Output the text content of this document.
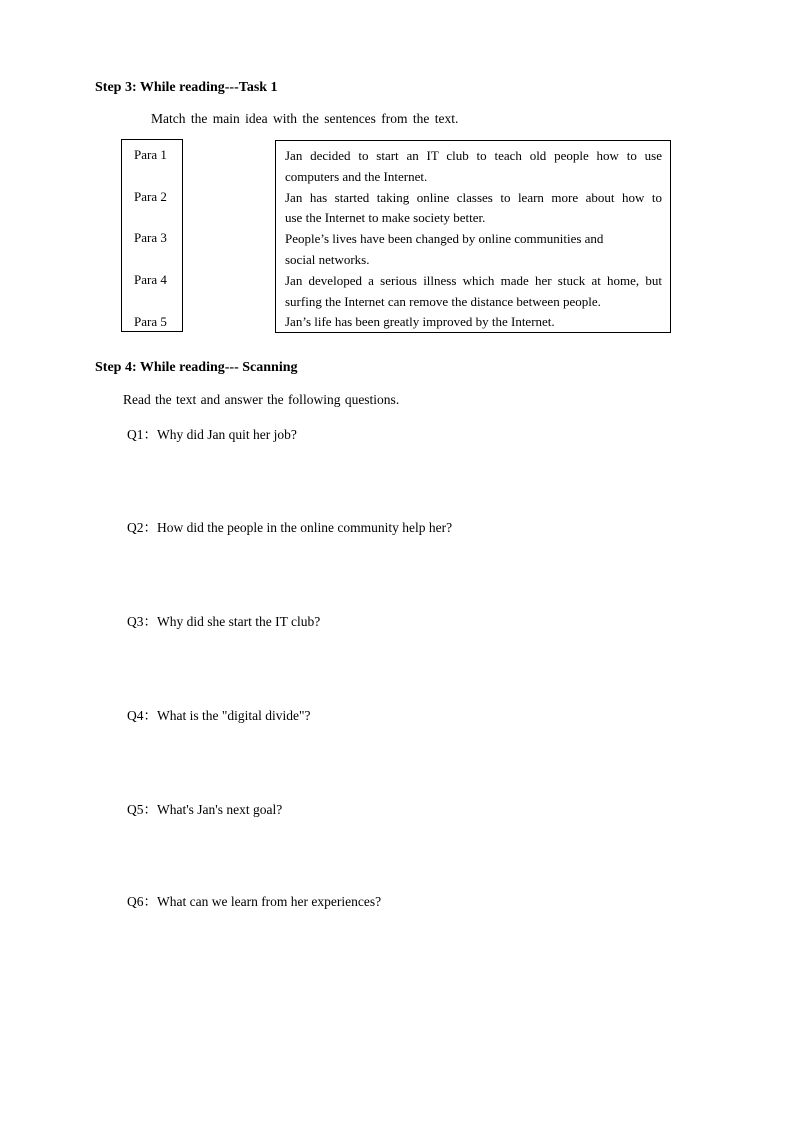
Step 3: While reading---Task 1
Match the main idea with the sentences from the text.
Para 1
Para 2
Para 3
Para 4
Para 5
Jan decided to start an IT club to teach old people how to use
computers and the Internet.
Jan has started taking online classes to learn more about how to
use the Internet to make society better.
People’s lives have been changed by online communities and
social networks.
Jan developed a serious illness which made her stuck at home, but
surfing the Internet can remove the distance between people.
Jan’s life has been greatly improved by the Internet.
Step 4: While reading--- Scanning
Read the text and answer the following questions.
Q1：Why did Jan quit her job?
Q2：How did the people in the online community help her?
Q3：Why did she start the IT club?
Q4：What is the "digital divide"?
Q5：What's Jan's next goal?
Q6：What can we learn from her experiences?
